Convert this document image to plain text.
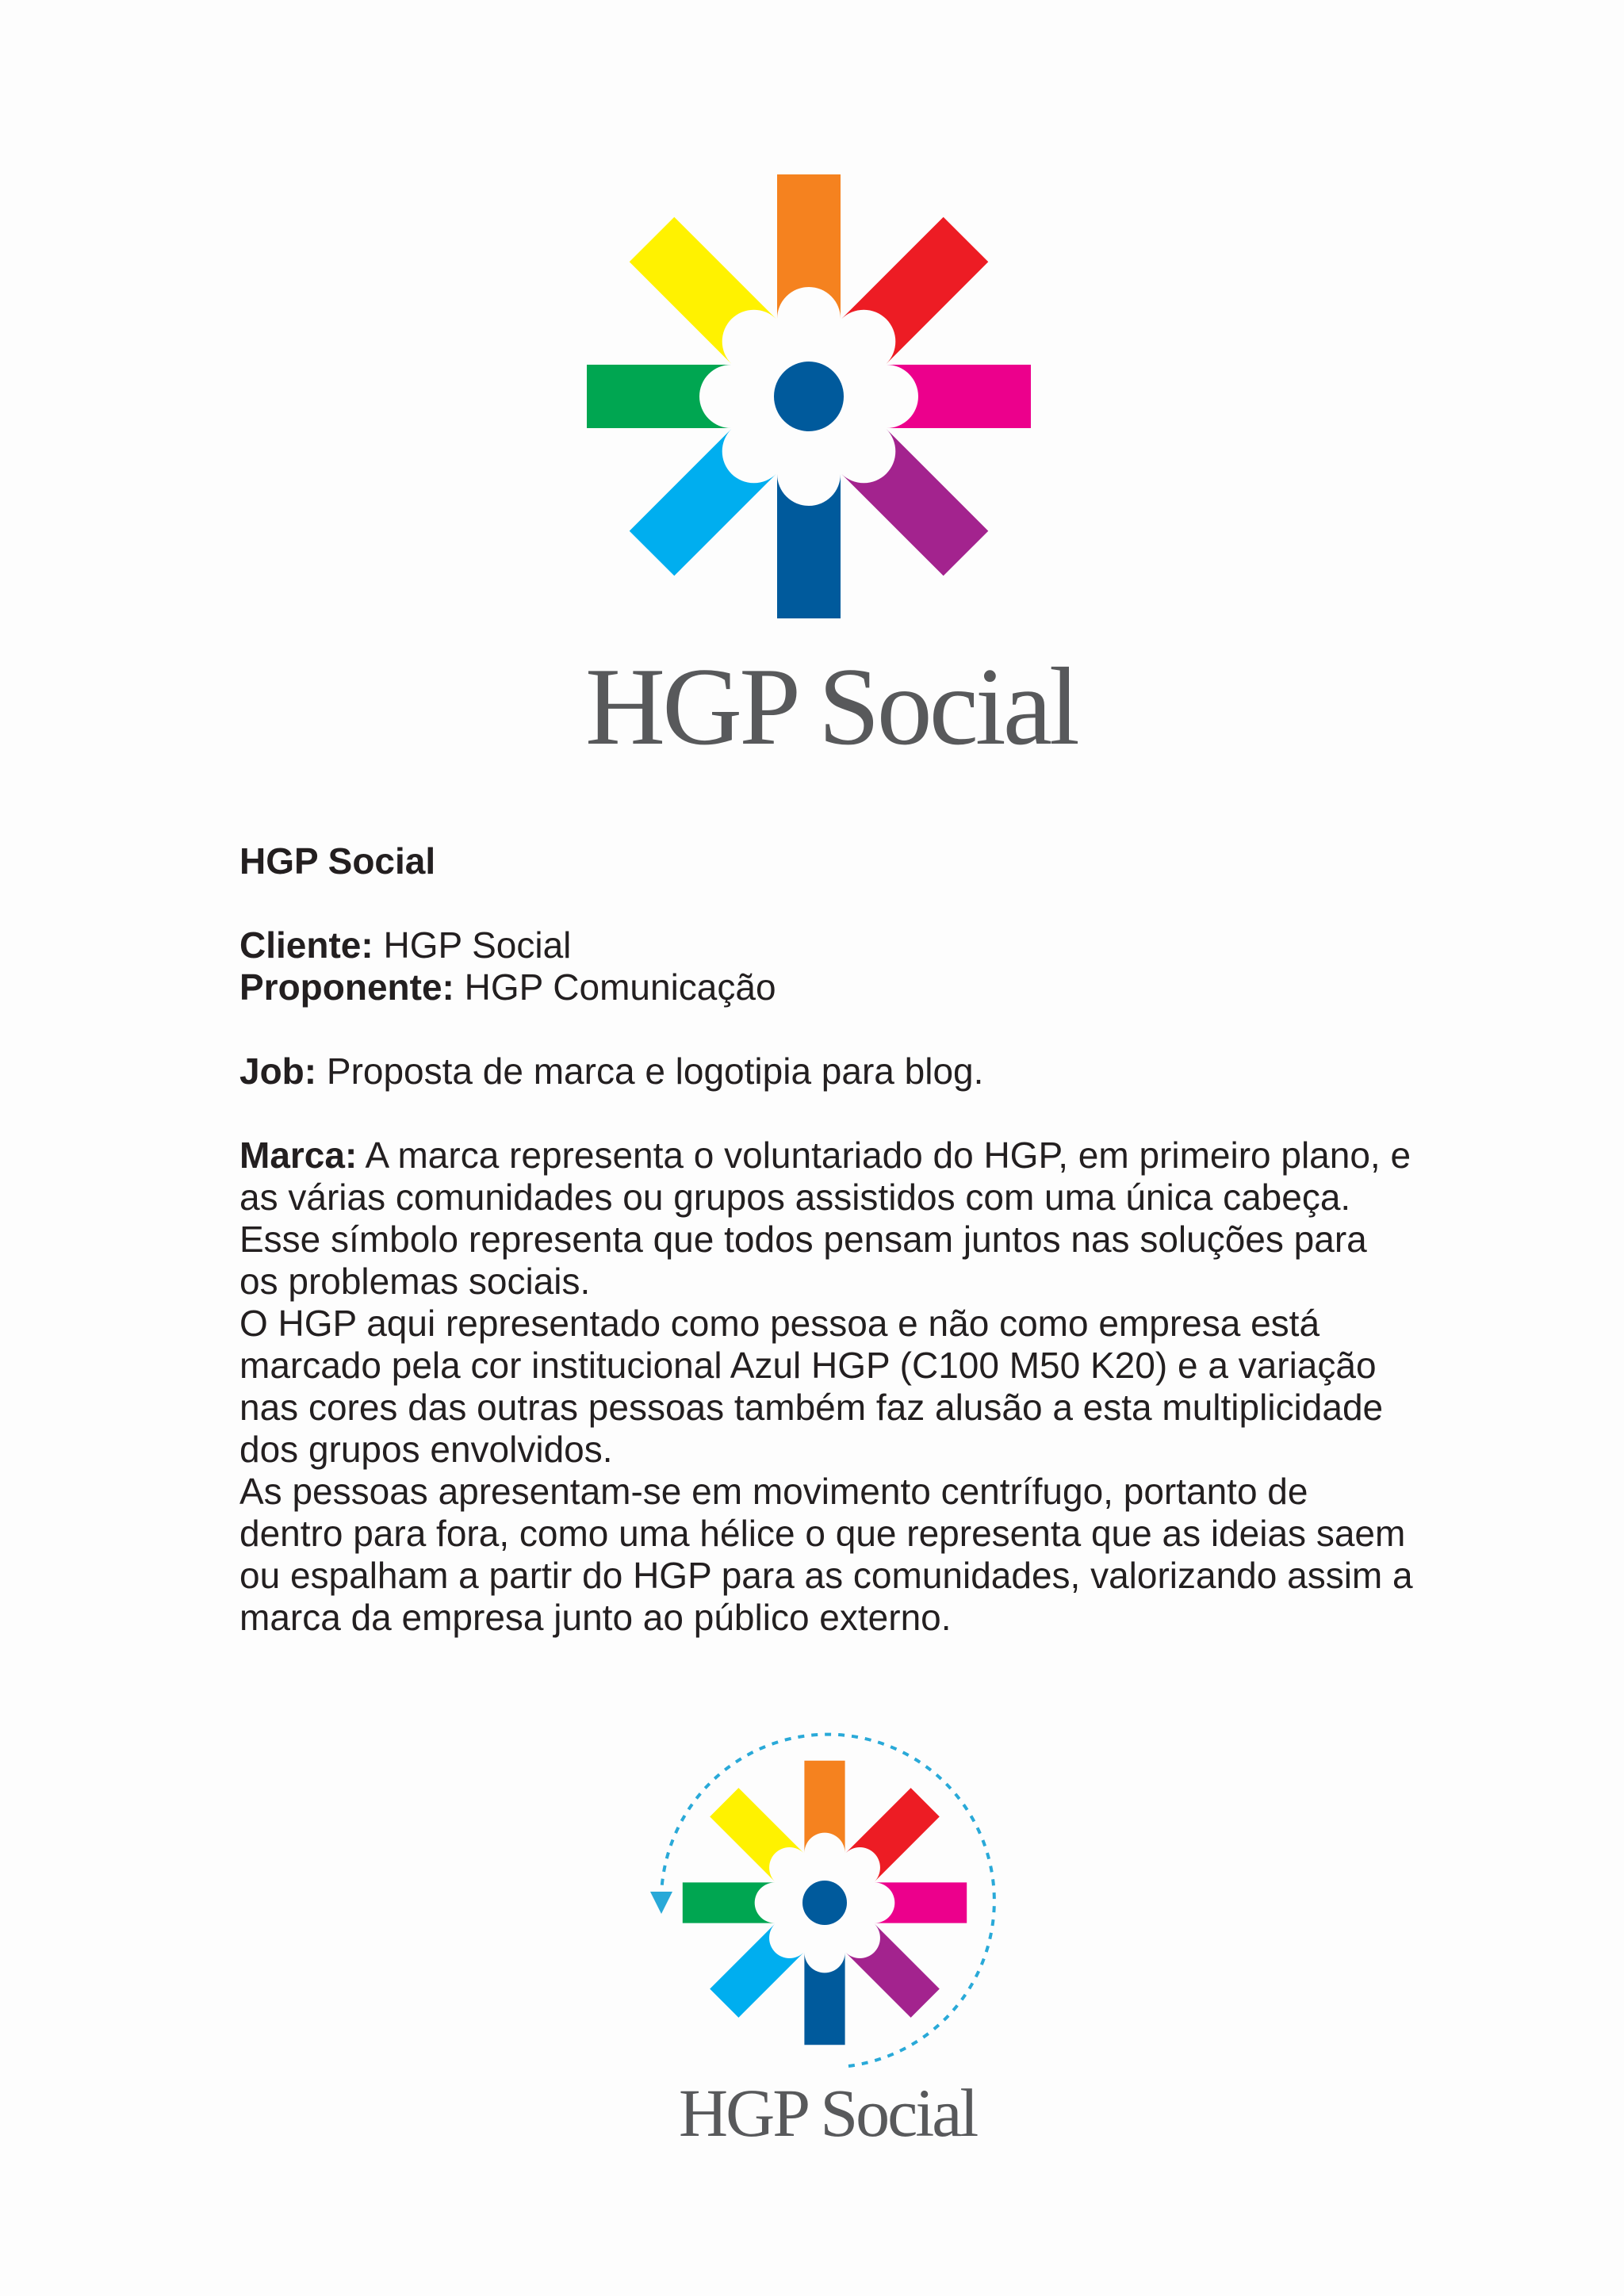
HGP Social

HGP Social

Cliente: HGP Social
Proponente: HGP Comunicação

Job: Proposta de marca e logotipia para blog.

Marca: A marca representa o voluntariado do HGP, em primeiro plano, e
as várias comunidades ou grupos assistidos com uma única cabeça.
Esse símbolo representa que todos pensam juntos nas soluções para
os problemas sociais.
O HGP aqui representado como pessoa e não como empresa está
marcado pela cor institucional Azul HGP (C100 M50 K20) e a variação
nas cores das outras pessoas também faz alusão a esta multiplicidade
dos grupos envolvidos.
As pessoas apresentam-se em movimento centrífugo, portanto de
dentro para fora, como uma hélice o que representa que as ideias saem
ou espalham a partir do HGP para as comunidades, valorizando assim a
marca da empresa junto ao público externo.

HGP Social
